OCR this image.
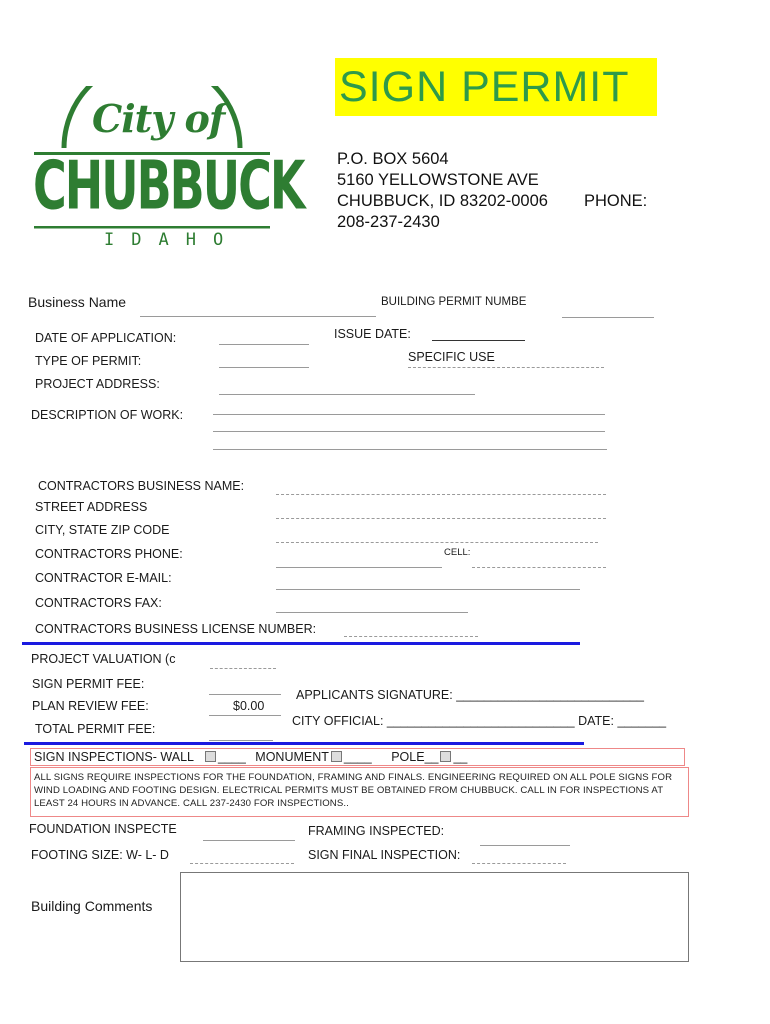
City of
CHUBBUCK
IDAHO
SIGN PERMIT
P.O. BOX 5604
5160 YELLOWSTONE AVE
CHUBBUCK, ID 83202-0006 PHONE:
208-237-2430
Business Name	BUILDING PERMIT NUMBE
DATE OF APPLICATION:	ISSUE DATE:
TYPE OF PERMIT:	SPECIFIC USE
PROJECT ADDRESS:
DESCRIPTION OF WORK:
CONTRACTORS BUSINESS NAME:
STREET ADDRESS
CITY, STATE ZIP CODE
CONTRACTORS PHONE:	CELL:
CONTRACTOR E-MAIL:
CONTRACTORS FAX:
CONTRACTORS BUSINESS LICENSE NUMBER:
PROJECT VALUATION (c
SIGN PERMIT FEE:
PLAN REVIEW FEE:	$0.00
TOTAL PERMIT FEE:
APPLICANTS SIGNATURE: ___________________________
CITY OFFICIAL: ___________________________ DATE: _______
SIGN INSPECTIONS- WALL ____ MONUMENT ____ POLE__ __
ALL SIGNS REQUIRE INSPECTIONS FOR THE FOUNDATION, FRAMING AND FINALS. ENGINEERING REQUIRED ON ALL POLE SIGNS FOR WIND LOADING AND FOOTING DESIGN. ELECTRICAL PERMITS MUST BE OBTAINED FROM CHUBBUCK. CALL IN FOR INSPECTIONS AT LEAST 24 HOURS IN ADVANCE. CALL 237-2430 FOR INSPECTIONS..
FOUNDATION INSPECTE	FRAMING INSPECTED:
FOOTING SIZE: W- L- D	SIGN FINAL INSPECTION:
Building Comments
